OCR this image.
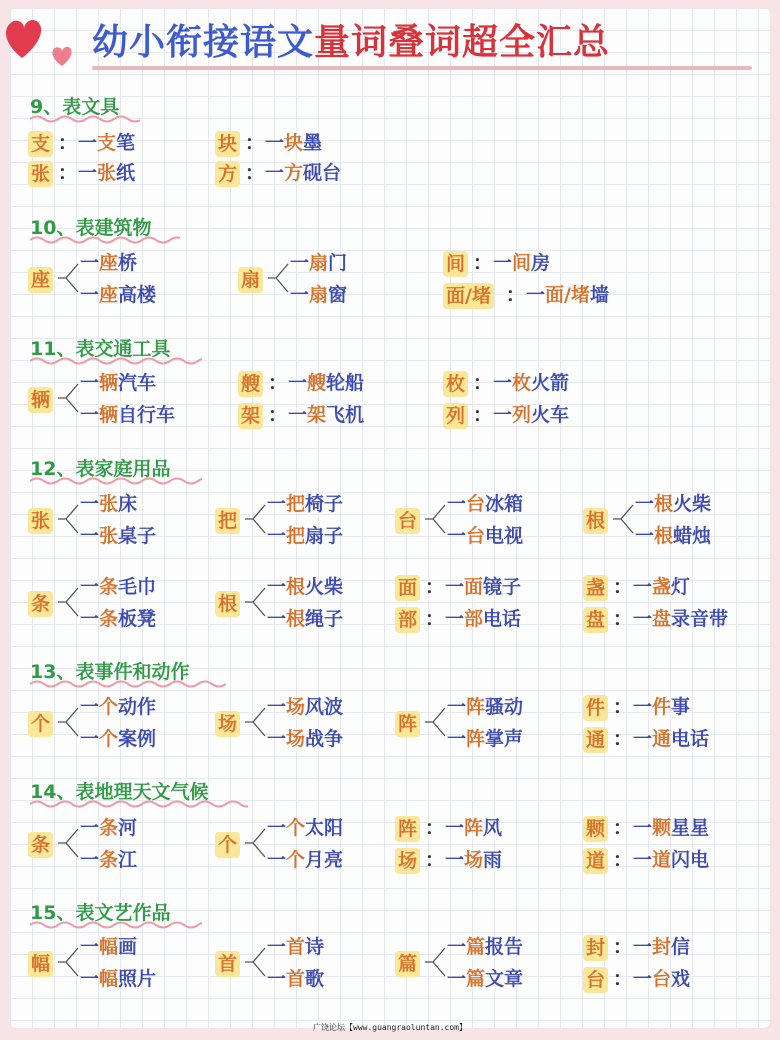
幼小衔接语文量词叠词超全汇总
9、表文具
支 ： 一支笔	块 ： 一块墨
张 ： 一张纸	方 ： 一方砚台
10、表建筑物
座
一座桥
一座高楼
扇
一扇门
一扇窗
间 ： 一间房
面/堵 ： 一面/堵墙
11、表交通工具
辆
一辆汽车
一辆自行车
艘 ： 一艘轮船
架 ： 一架飞机
枚 ： 一枚火箭
列 ： 一列火车
12、表家庭用品
张
一张床
一张桌子
把
一把椅子
一把扇子
台
一台冰箱
一台电视
根
一根火柴
一根蜡烛
条
一条毛巾
一条板凳
根
一根火柴
一根绳子
面 ： 一面镜子
部 ： 一部电话
盏 ： 一盏灯
盘 ： 一盘录音带
13、表事件和动作
个
一个动作
一个案例
场
一场风波
一场战争
阵
一阵骚动
一阵掌声
件 ： 一件事
通 ： 一通电话
14、表地理天文气候
条
一条河
一条江
个
一个太阳
一个月亮
阵 ： 一阵风
场 ： 一场雨
颗 ： 一颗星星
道 ： 一道闪电
15、表文艺作品
幅
一幅画
一幅照片
首
一首诗
一首歌
篇
一篇报告
一篇文章
封 ： 一封信
台 ： 一台戏
广饶论坛【www.guangraoluntan.com】
